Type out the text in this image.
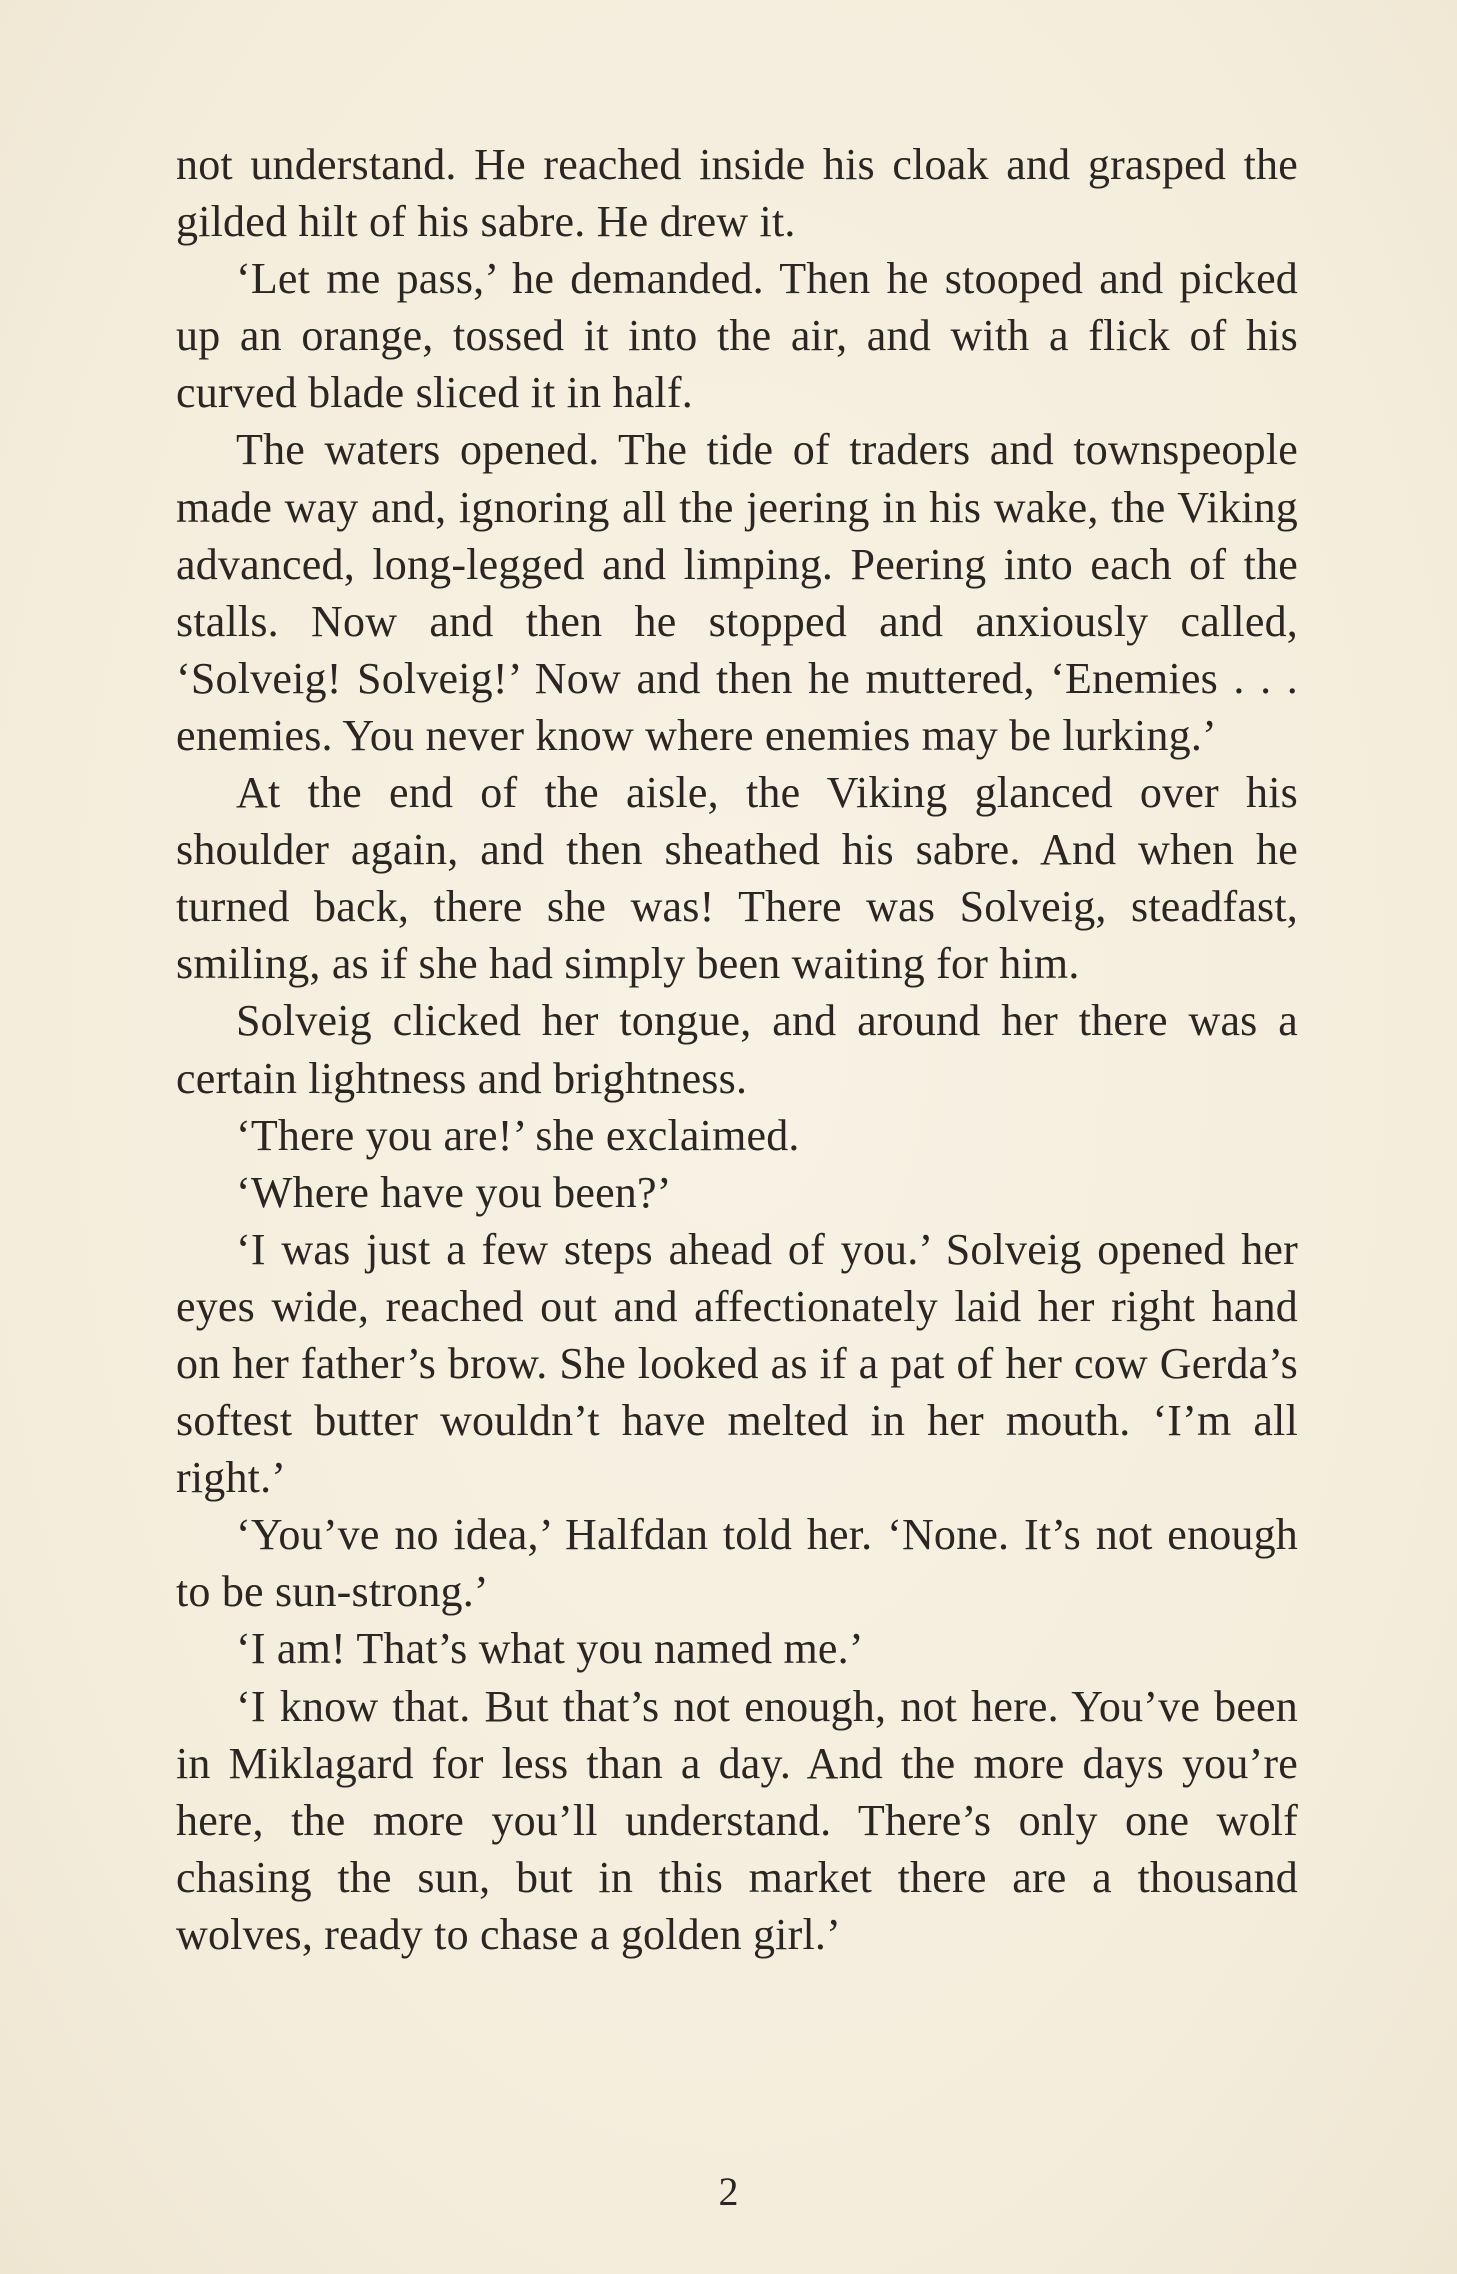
not understand. He reached inside his cloak and grasped the gilded hilt of his sabre. He drew it.

‘Let me pass,’ he demanded. Then he stooped and picked up an orange, tossed it into the air, and with a flick of his curved blade sliced it in half.

The waters opened. The tide of traders and townspeople made way and, ignoring all the jeering in his wake, the Viking advanced, long-legged and limping. Peering into each of the stalls. Now and then he stopped and anxiously called, ‘Solveig! Solveig!’ Now and then he muttered, ‘Enemies . . . enemies. You never know where enemies may be lurking.’

At the end of the aisle, the Viking glanced over his shoulder again, and then sheathed his sabre. And when he turned back, there she was! There was Solveig, steadfast, smiling, as if she had simply been waiting for him.

Solveig clicked her tongue, and around her there was a certain lightness and brightness.

‘There you are!’ she exclaimed.

‘Where have you been?’

‘I was just a few steps ahead of you.’ Solveig opened her eyes wide, reached out and affectionately laid her right hand on her father’s brow. She looked as if a pat of her cow Gerda’s softest butter wouldn’t have melted in her mouth. ‘I’m all right.’

‘You’ve no idea,’ Halfdan told her. ‘None. It’s not enough to be sun-strong.’

‘I am! That’s what you named me.’

‘I know that. But that’s not enough, not here. You’ve been in Miklagard for less than a day. And the more days you’re here, the more you’ll understand. There’s only one wolf chasing the sun, but in this market there are a thousand wolves, ready to chase a golden girl.’

2
